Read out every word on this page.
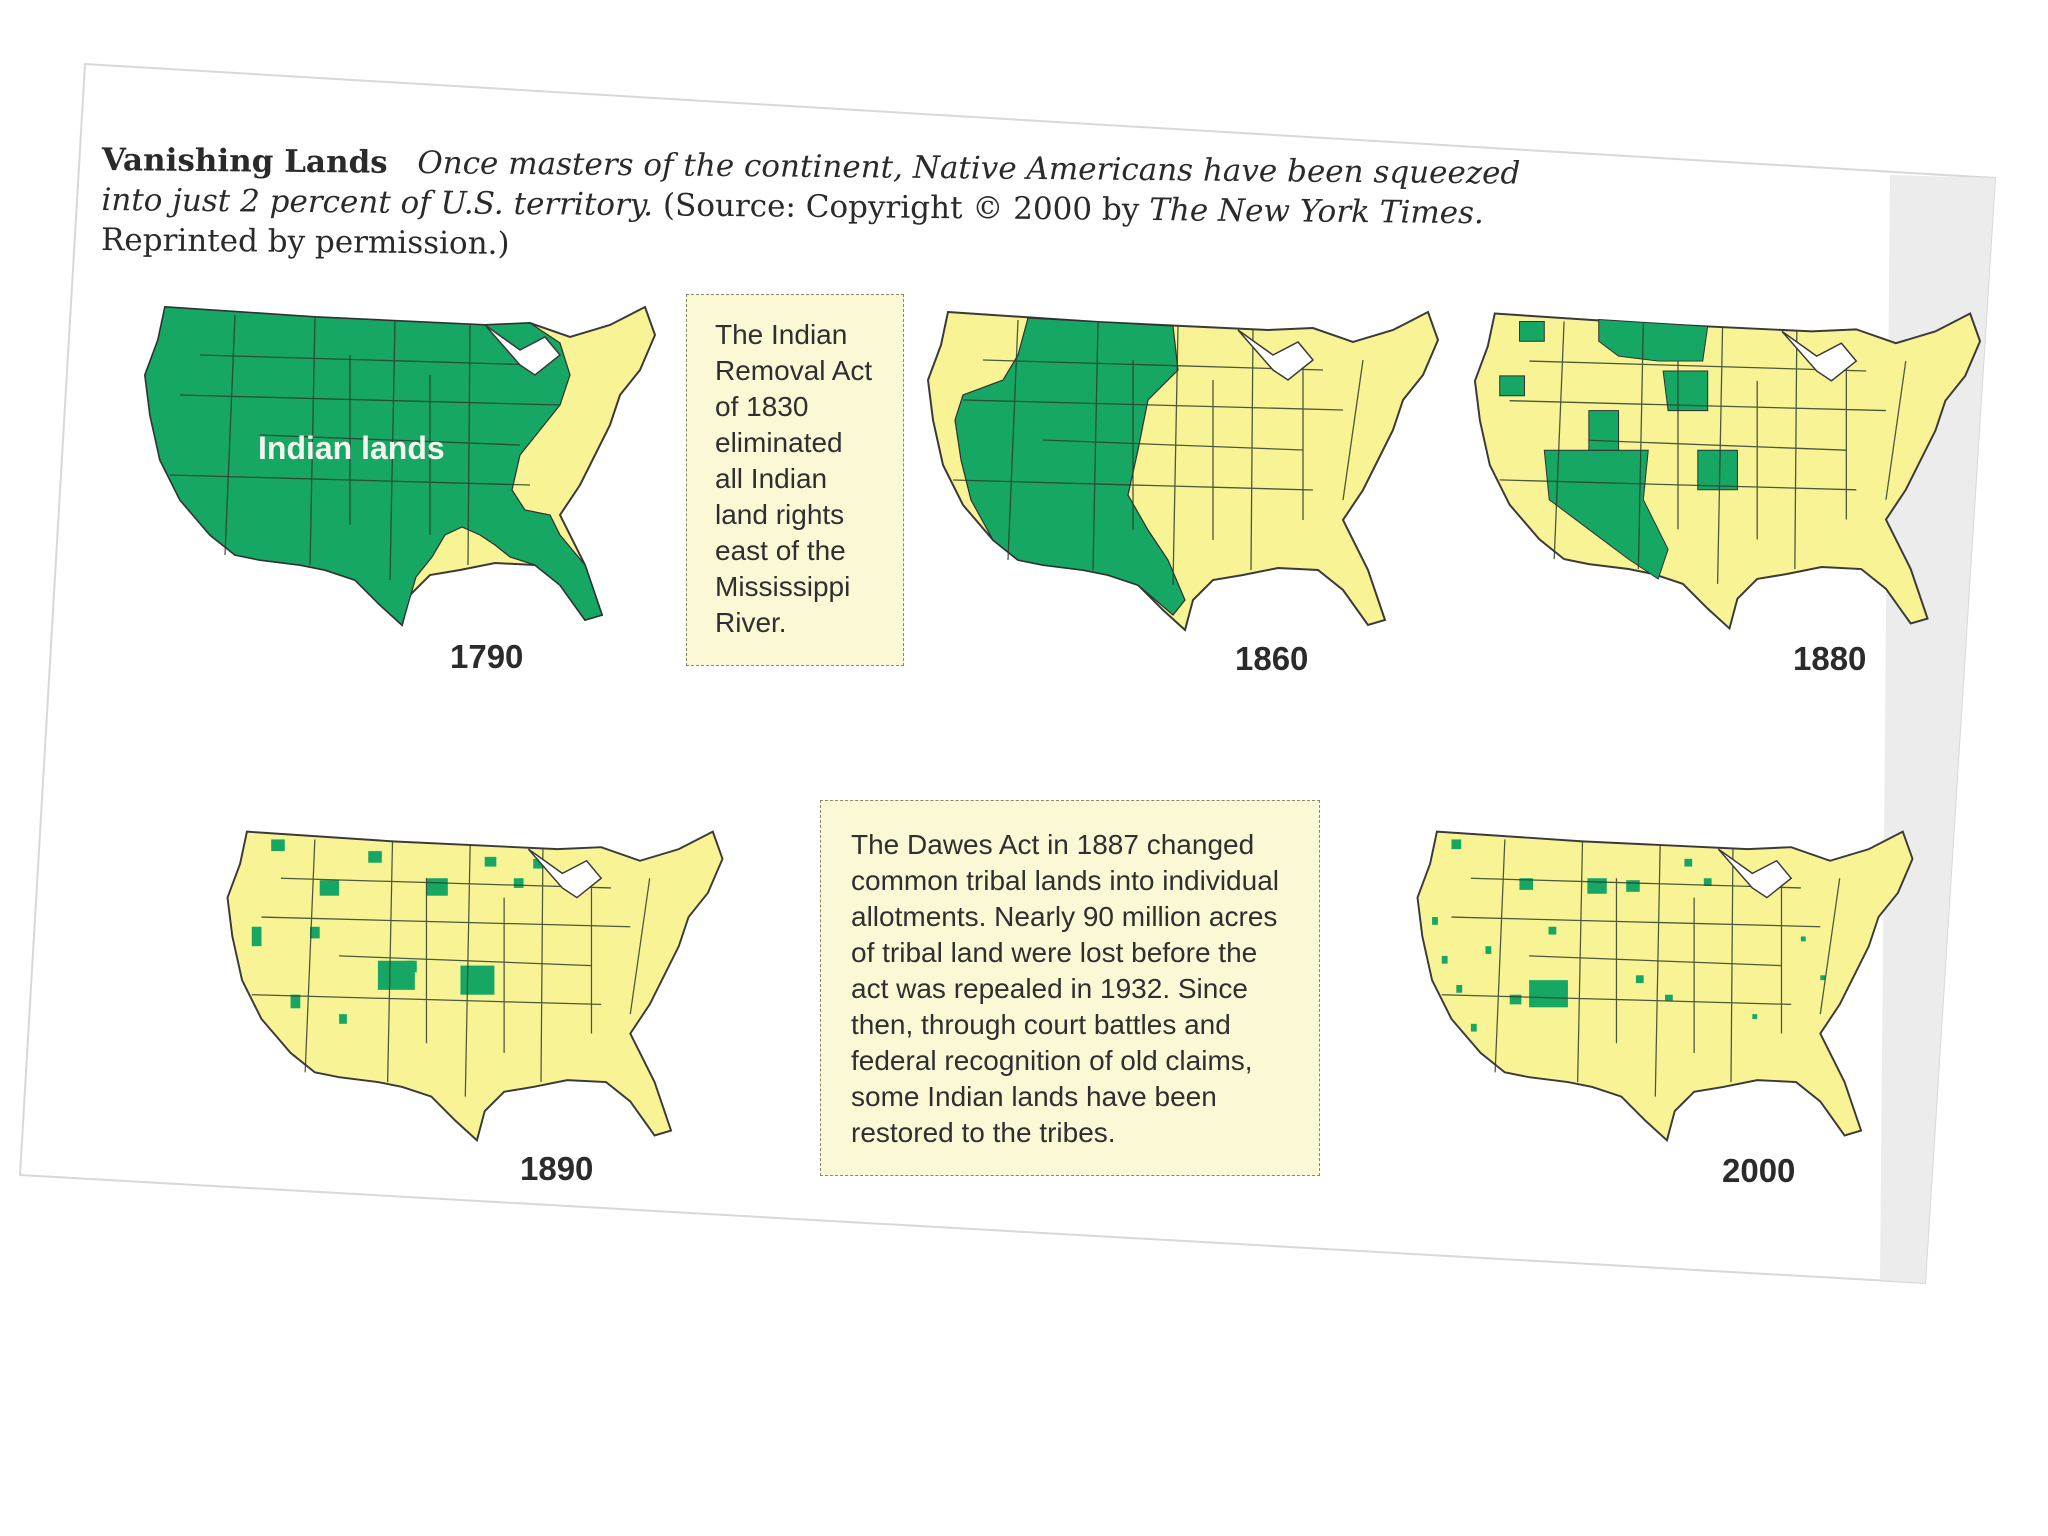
Vanishing Lands Once masters of the continent, Native Americans have been squeezed into just 2 percent of U.S. territory. (Source: Copyright © 2000 by The New York Times. Reprinted by permission.)
Indian lands
1790
The Indian
Removal Act
of 1830
eliminated
all Indian
land rights
east of the
Mississippi
River.
1860	1880
1890
The Dawes Act in 1887 changed
common tribal lands into individual
allotments. Nearly 90 million acres
of tribal land were lost before the
act was repealed in 1932. Since
then, through court battles and
federal recognition of old claims,
some Indian lands have been
restored to the tribes.
2000
